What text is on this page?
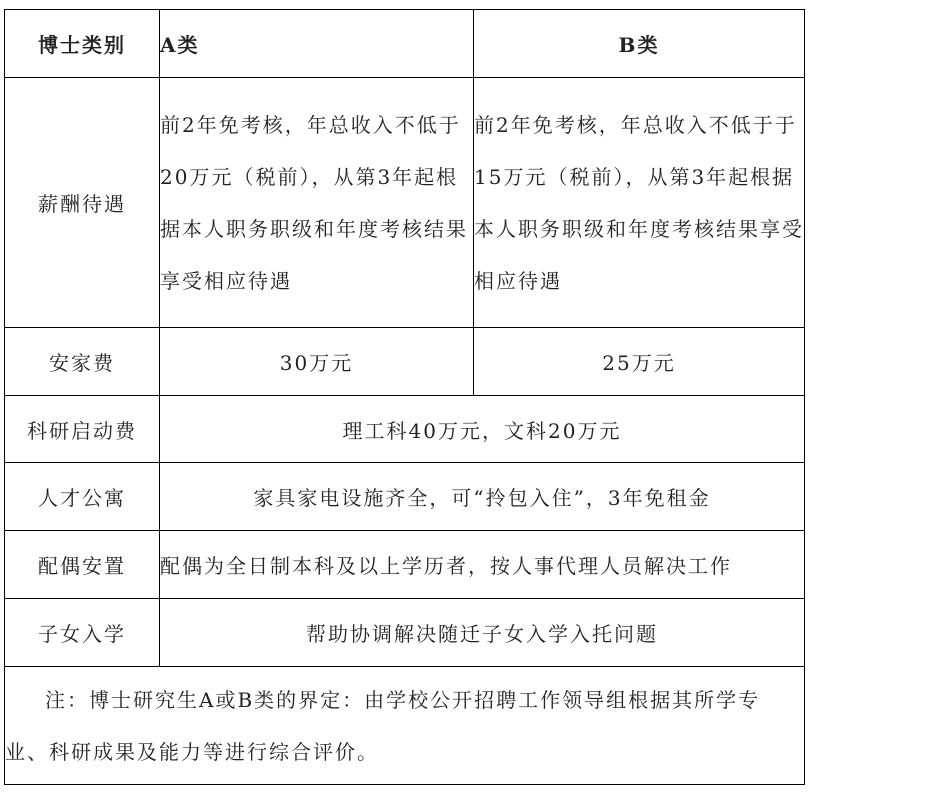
博士类别	A类	B类
薪酬待遇	前2年免考核，年总收入不低于20万元（税前），从第3年起根据本人职务职级和年度考核结果享受相应待遇	前2年免考核，年总收入不低于于15万元（税前），从第3年起根据本人职务职级和年度考核结果享受相应待遇
安家费	30万元	25万元
科研启动费	理工科40万元，文科20万元	
人才公寓	家具家电设施齐全，可“拎包入住”，3年免租金	
配偶安置	配偶为全日制本科及以上学历者，按人事代理人员解决工作	
子女入学	帮助协调解决随迁子女入学入托问题	
注：博士研究生A或B类的界定：由学校公开招聘工作领导组根据其所学专业、科研成果及能力等进行综合评价。		
